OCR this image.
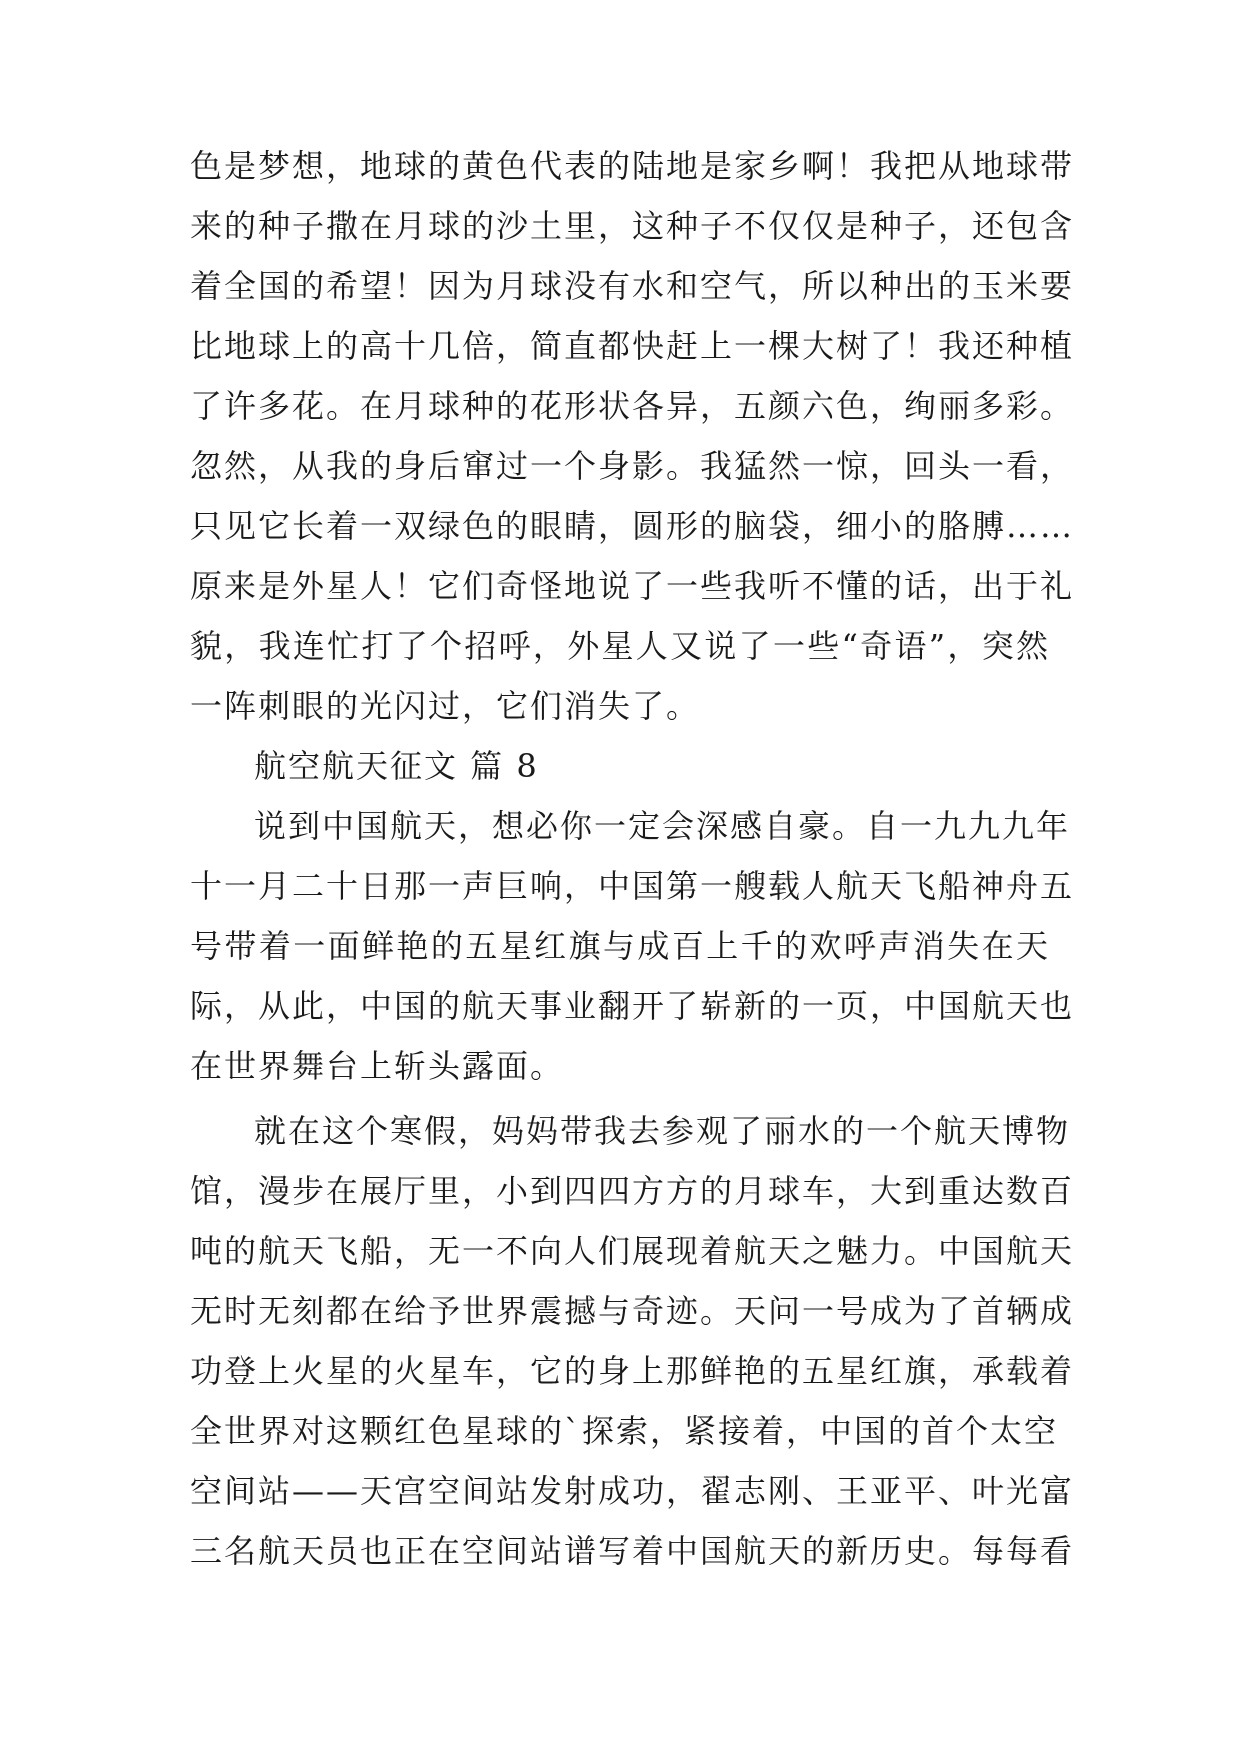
色是梦想，地球的黄色代表的陆地是家乡啊！我把从地球带
来的种子撒在月球的沙土里，这种子不仅仅是种子，还包含
着全国的希望！因为月球没有水和空气，所以种出的玉米要
比地球上的高十几倍，简直都快赶上一棵大树了！我还种植
了许多花。在月球种的花形状各异，五颜六色，绚丽多彩。
忽然，从我的身后窜过一个身影。我猛然一惊，回头一看，
只见它长着一双绿色的眼睛，圆形的脑袋，细小的胳膊……
原来是外星人！它们奇怪地说了一些我听不懂的话，出于礼
貌，我连忙打了个招呼，外星人又说了一些“奇语”，突然
一阵刺眼的光闪过，它们消失了。
航空航天征文 篇 8
说到中国航天，想必你一定会深感自豪。自一九九九年
十一月二十日那一声巨响，中国第一艘载人航天飞船神舟五
号带着一面鲜艳的五星红旗与成百上千的欢呼声消失在天
际，从此，中国的航天事业翻开了崭新的一页，中国航天也
在世界舞台上斩头露面。
就在这个寒假，妈妈带我去参观了丽水的一个航天博物
馆，漫步在展厅里，小到四四方方的月球车，大到重达数百
吨的航天飞船，无一不向人们展现着航天之魅力。中国航天
无时无刻都在给予世界震撼与奇迹。天问一号成为了首辆成
功登上火星的火星车，它的身上那鲜艳的五星红旗，承载着
全世界对这颗红色星球的`探索，紧接着，中国的首个太空
空间站——天宫空间站发射成功，翟志刚、王亚平、叶光富
三名航天员也正在空间站谱写着中国航天的新历史。每每看
